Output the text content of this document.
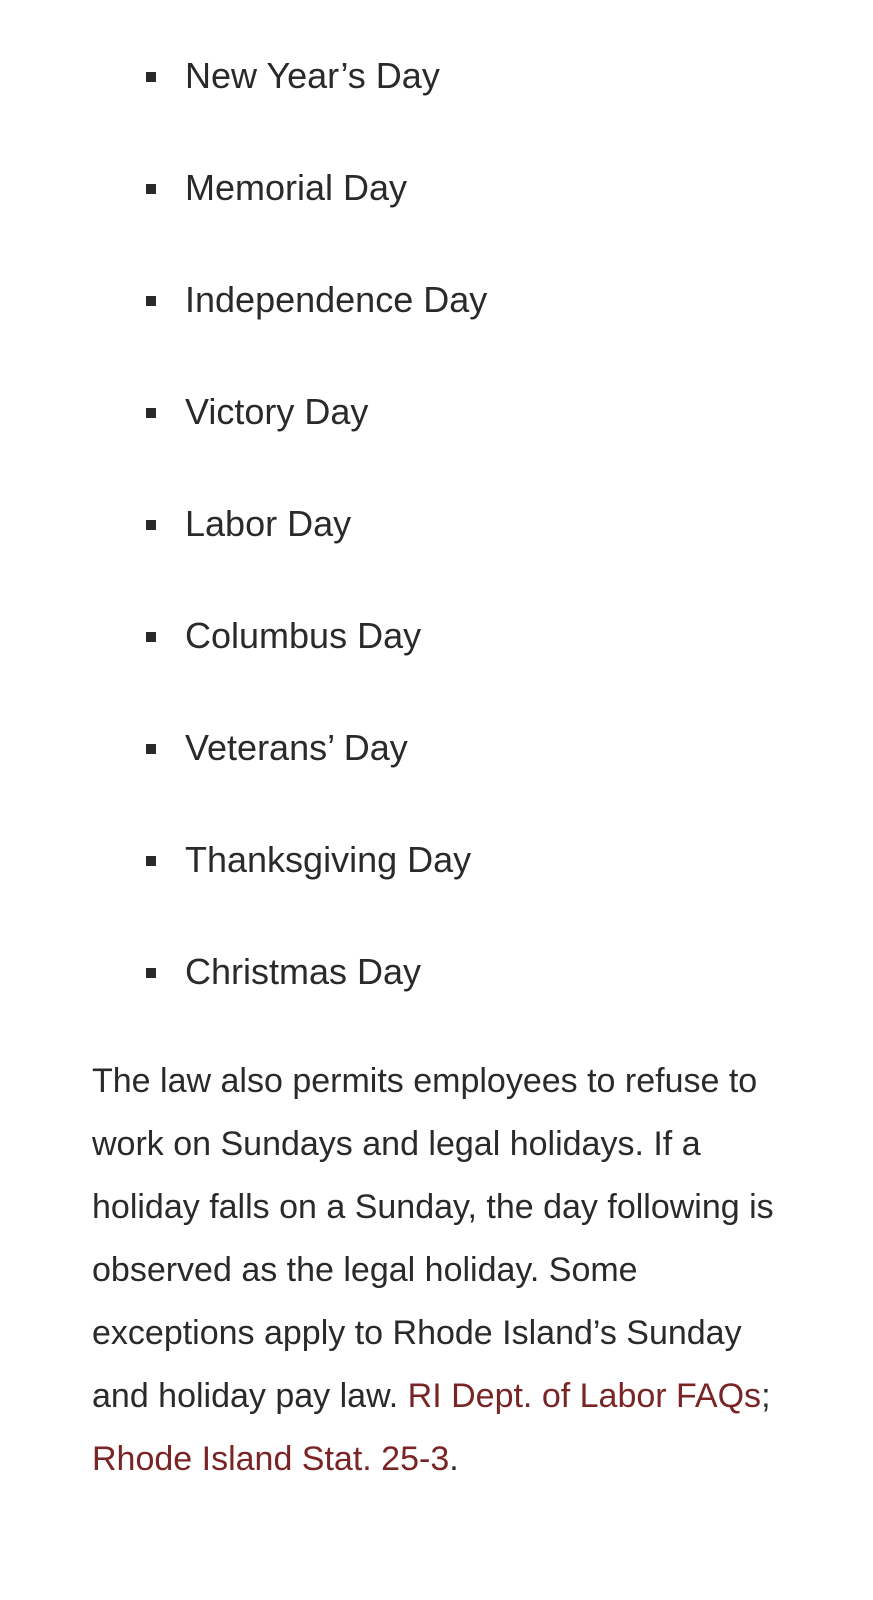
New Year’s Day
Memorial Day
Independence Day
Victory Day
Labor Day
Columbus Day
Veterans’ Day
Thanksgiving Day
Christmas Day

The law also permits employees to refuse to work on Sundays and legal holidays. If a holiday falls on a Sunday, the day following is observed as the legal holiday. Some exceptions apply to Rhode Island’s Sunday and holiday pay law. RI Dept. of Labor FAQs; Rhode Island Stat. 25-3.
